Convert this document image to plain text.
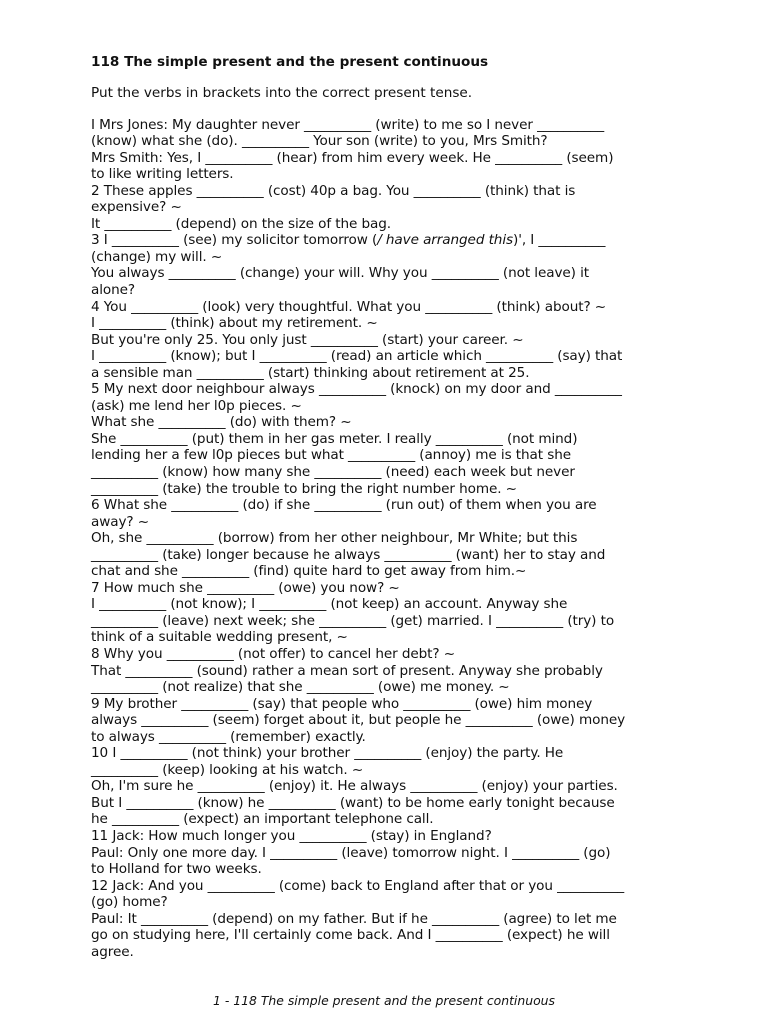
118 The simple present and the present continuous
Put the verbs in brackets into the correct present tense.
I Mrs Jones: My daughter never __________ (write) to me so I never __________
(know) what she (do). __________ Your son (write) to you, Mrs Smith?
Mrs Smith: Yes, I __________ (hear) from him every week. He __________ (seem)
to like writing letters.
2 These apples __________ (cost) 40p a bag. You __________ (think) that is
expensive? ~
It __________ (depend) on the size of the bag.
3 I __________ (see) my solicitor tomorrow (/ have arranged this)', I __________
(change) my will. ~
You always __________ (change) your will. Why you __________ (not leave) it
alone?
4 You __________ (look) very thoughtful. What you __________ (think) about? ~
I __________ (think) about my retirement. ~
But you're only 25. You only just __________ (start) your career. ~
I __________ (know); but I __________ (read) an article which __________ (say) that
a sensible man __________ (start) thinking about retirement at 25.
5 My next door neighbour always __________ (knock) on my door and __________
(ask) me lend her l0p pieces. ~
What she __________ (do) with them? ~
She __________ (put) them in her gas meter. I really __________ (not mind)
lending her a few l0p pieces but what __________ (annoy) me is that she
__________ (know) how many she __________ (need) each week but never
__________ (take) the trouble to bring the right number home. ~
6 What she __________ (do) if she __________ (run out) of them when you are
away? ~
Oh, she __________ (borrow) from her other neighbour, Mr White; but this
__________ (take) longer because he always __________ (want) her to stay and
chat and she __________ (find) quite hard to get away from him.~
7 How much she __________ (owe) you now? ~
I __________ (not know); I __________ (not keep) an account. Anyway she
__________ (leave) next week; she __________ (get) married. I __________ (try) to
think of a suitable wedding present, ~
8 Why you __________ (not offer) to cancel her debt? ~
That __________ (sound) rather a mean sort of present. Anyway she probably
__________ (not realize) that she __________ (owe) me money. ~
9 My brother __________ (say) that people who __________ (owe) him money
always __________ (seem) forget about it, but people he __________ (owe) money
to always __________ (remember) exactly.
10 I __________ (not think) your brother __________ (enjoy) the party. He
__________ (keep) looking at his watch. ~
Oh, I'm sure he __________ (enjoy) it. He always __________ (enjoy) your parties.
But I __________ (know) he __________ (want) to be home early tonight because
he __________ (expect) an important telephone call.
11 Jack: How much longer you __________ (stay) in England?
Paul: Only one more day. I __________ (leave) tomorrow night. I __________ (go)
to Holland for two weeks.
12 Jack: And you __________ (come) back to England after that or you __________
(go) home?
Paul: It __________ (depend) on my father. But if he __________ (agree) to let me
go on studying here, I'll certainly come back. And I __________ (expect) he will
agree.
1 - 118 The simple present and the present continuous
